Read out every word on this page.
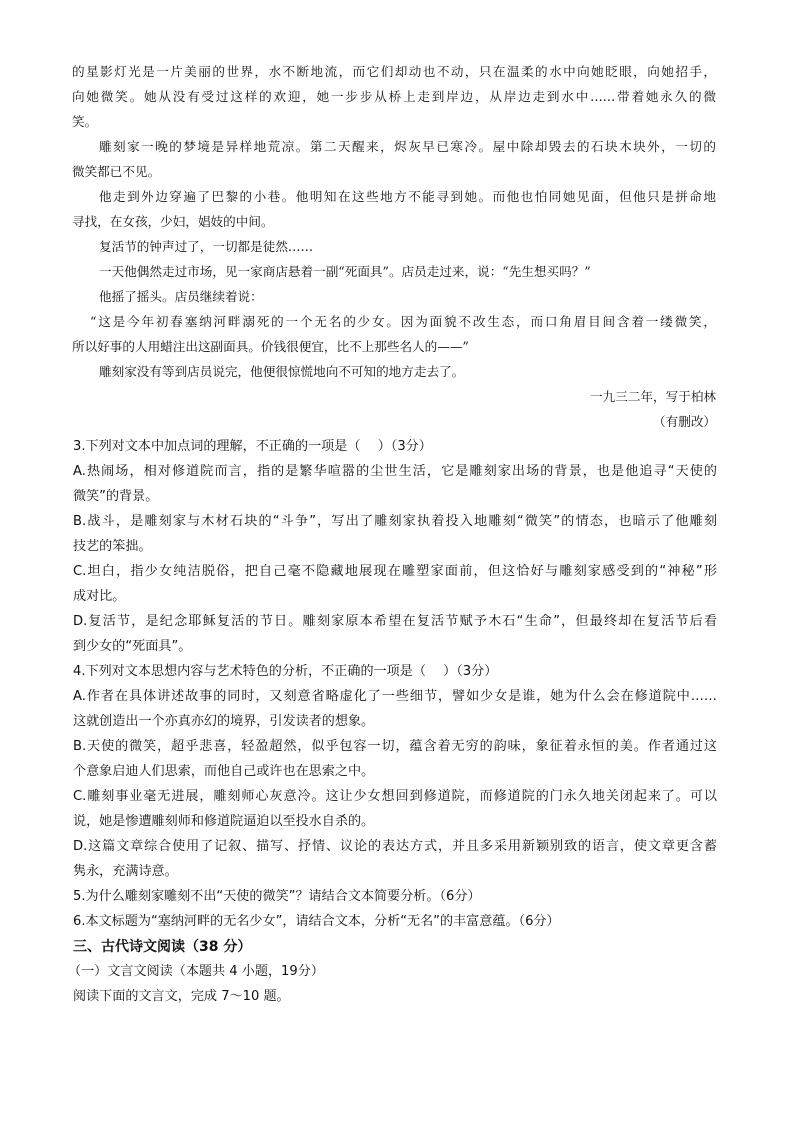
的星影灯光是一片美丽的世界，水不断地流，而它们却动也不动，只在温柔的水中向她眨眼，向她招手，
向她微笑。她从没有受过这样的欢迎，她一步步从桥上走到岸边，从岸边走到水中……带着她永久的微
笑。
雕刻家一晚的梦境是异样地荒凉。第二天醒来，烬灰早已寒冷。屋中除却毁去的石块木块外，一切的
微笑都已不见。
他走到外边穿遍了巴黎的小巷。他明知在这些地方不能寻到她。而他也怕同她见面，但他只是拼命地
寻找，在女孩，少妇，娼妓的中间。
复活节的钟声过了，一切都是徒然……
一天他偶然走过市场，见一家商店悬着一副“死面具”。店员走过来，说：“先生想买吗？”
他摇了摇头。店员继续着说：
“这是今年初春塞纳河畔溺死的一个无名的少女。因为面貌不改生态，而口角眉目间含着一缕微笑，
所以好事的人用蜡注出这副面具。价钱很便宜，比不上那些名人的——”
雕刻家没有等到店员说完，他便很惊慌地向不可知的地方走去了。
一九三二年，写于柏林
（有删改）
3.下列对文本中加点词的理解，不正确的一项是（　 ）（3分）
A.热闹场，相对修道院而言，指的是繁华喧嚣的尘世生活，它是雕刻家出场的背景，也是他追寻“天使的
微笑”的背景。
B.战斗，是雕刻家与木材石块的“斗争”，写出了雕刻家执着投入地雕刻“微笑”的情态，也暗示了他雕刻
技艺的笨拙。
C.坦白，指少女纯洁脱俗，把自己毫不隐藏地展现在雕塑家面前，但这恰好与雕刻家感受到的“神秘”形
成对比。
D.复活节，是纪念耶稣复活的节日。雕刻家原本希望在复活节赋予木石“生命”，但最终却在复活节后看
到少女的“死面具”。
4.下列对文本思想内容与艺术特色的分析，不正确的一项是（　 ）（3分）
A.作者在具体讲述故事的同时，又刻意省略虚化了一些细节，譬如少女是谁，她为什么会在修道院中……
这就创造出一个亦真亦幻的境界，引发读者的想象。
B.天使的微笑，超乎悲喜，轻盈超然，似乎包容一切，蕴含着无穷的韵味，象征着永恒的美。作者通过这
个意象启迪人们思索，而他自己或许也在思索之中。
C.雕刻事业毫无进展，雕刻师心灰意冷。这让少女想回到修道院，而修道院的门永久地关闭起来了。可以
说，她是惨遭雕刻师和修道院逼迫以至投水自杀的。
D.这篇文章综合使用了记叙、描写、抒情、议论的表达方式，并且多采用新颖别致的语言，使文章更含蓄
隽永，充满诗意。
5.为什么雕刻家雕刻不出“天使的微笑”？请结合文本简要分析。（6分）
6.本文标题为“塞纳河畔的无名少女”，请结合文本，分析“无名”的丰富意蕴。（6分）
三、古代诗文阅读（38 分）
（一）文言文阅读（本题共 4 小题，19分）
阅读下面的文言文，完成 7～10 题。
